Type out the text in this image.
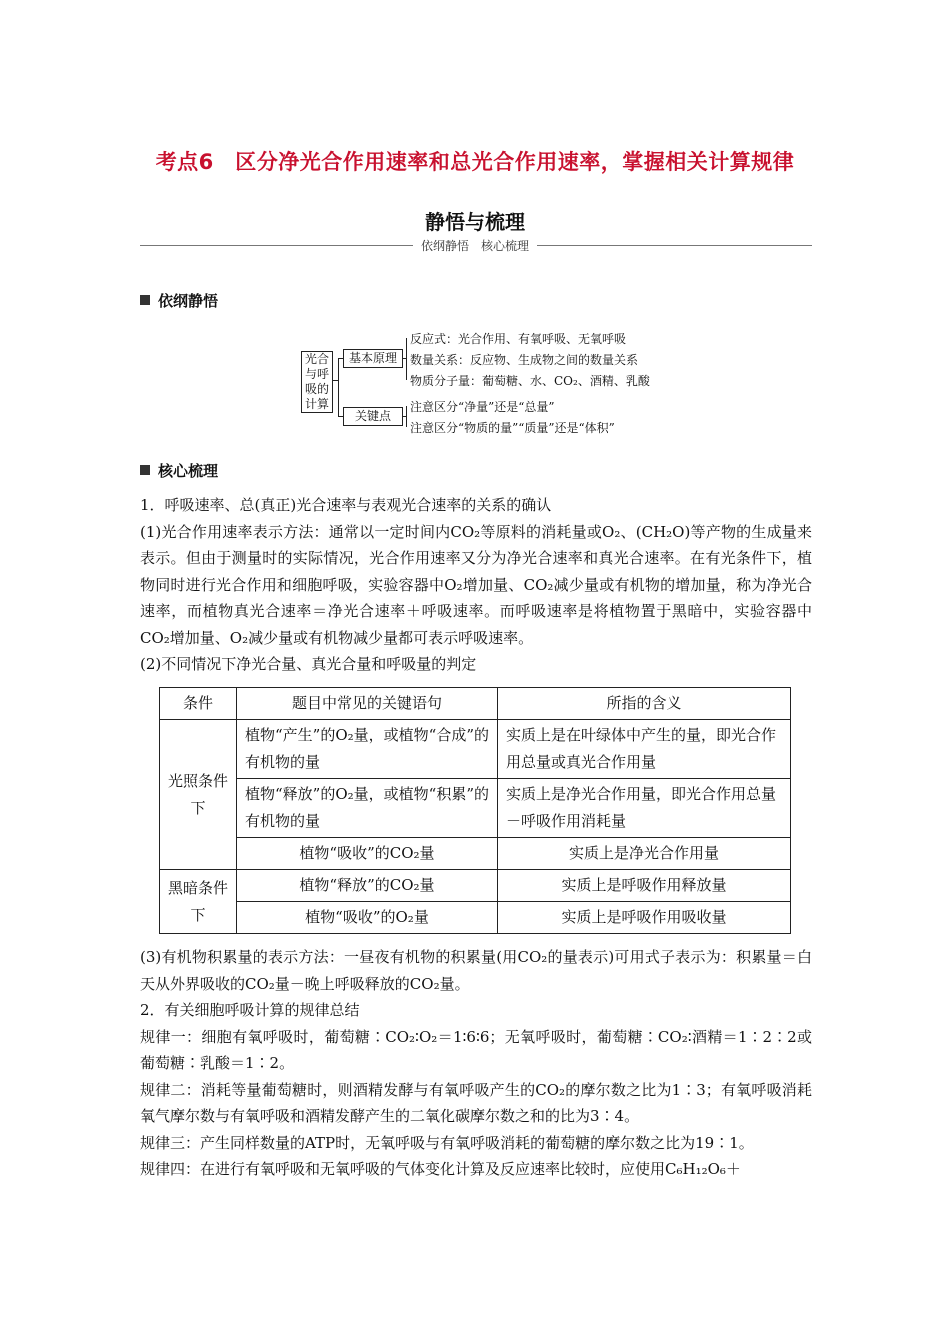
考点6　区分净光合作用速率和总光合作用速率，掌握相关计算规律
静悟与梳理
依纲静悟　核心梳理
依纲静悟
光合
与呼
吸的
计算
基本原理
关键点
反应式：光合作用、有氧呼吸、无氧呼吸
数量关系：反应物、生成物之间的数量关系
物质分子量：葡萄糖、水、CO₂、酒精、乳酸
注意区分“净量”还是“总量”
注意区分“物质的量”“质量”还是“体积”
核心梳理

1．呼吸速率、总(真正)光合速率与表观光合速率的关系的确认

(1)光合作用速率表示方法：通常以一定时间内CO₂等原料的消耗量或O₂、(CH₂O)等产物的生成量来表示。但由于测量时的实际情况，光合作用速率又分为净光合速率和真光合速率。在有光条件下，植物同时进行光合作用和细胞呼吸，实验容器中O₂增加量、CO₂减少量或有机物的增加量，称为净光合速率，而植物真光合速率＝净光合速率＋呼吸速率。而呼吸速率是将植物置于黑暗中，实验容器中CO₂增加量、O₂减少量或有机物减少量都可表示呼吸速率。

(2)不同情况下净光合量、真光合量和呼吸量的判定

条件	题目中常见的关键语句	所指的含义
光照条件下	植物“产生”的O₂量，或植物“合成”的有机物的量	实质上是在叶绿体中产生的量，即光合作用总量或真光合作用量
	植物“释放”的O₂量，或植物“积累”的有机物的量	实质上是净光合作用量，即光合作用总量－呼吸作用消耗量
	植物“吸收”的CO₂量	实质上是净光合作用量
黑暗条件下	植物“释放”的CO₂量	实质上是呼吸作用释放量
	植物“吸收”的O₂量	实质上是呼吸作用吸收量

(3)有机物积累量的表示方法：一昼夜有机物的积累量(用CO₂的量表示)可用式子表示为：积累量＝白天从外界吸收的CO₂量－晚上呼吸释放的CO₂量。

2．有关细胞呼吸计算的规律总结

规律一：细胞有氧呼吸时，葡萄糖∶CO₂∶O₂＝1∶6∶6；无氧呼吸时，葡萄糖∶CO₂∶酒精＝1∶2∶2或葡萄糖∶乳酸＝1∶2。

规律二：消耗等量葡萄糖时，则酒精发酵与有氧呼吸产生的CO₂的摩尔数之比为1∶3；有氧呼吸消耗氧气摩尔数与有氧呼吸和酒精发酵产生的二氧化碳摩尔数之和的比为3∶4。

规律三：产生同样数量的ATP时，无氧呼吸与有氧呼吸消耗的葡萄糖的摩尔数之比为19∶1。

规律四：在进行有氧呼吸和无氧呼吸的气体变化计算及反应速率比较时，应使用C₆H₁₂O₆＋
